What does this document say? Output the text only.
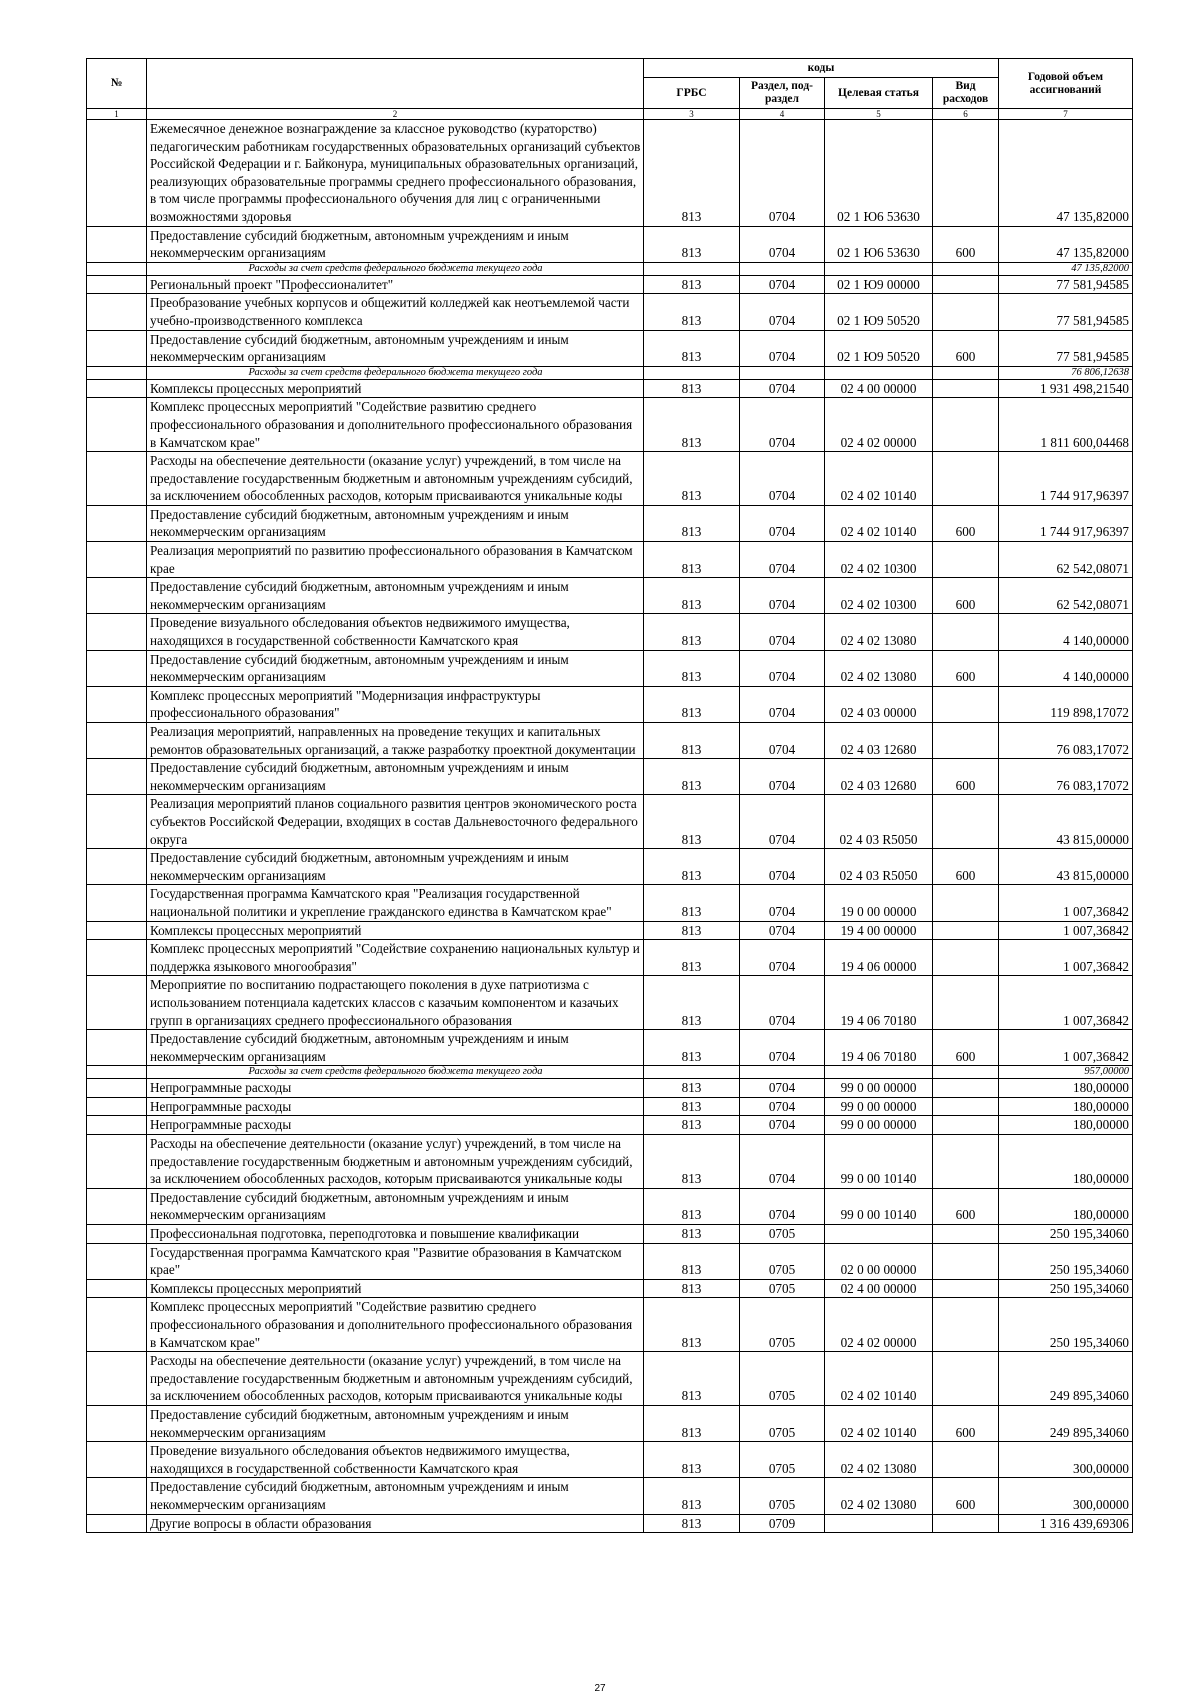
№		коды				Годовой объем ассигнований
		ГРБС	Раздел, под-раздел	Целевая статья	Вид расходов	
1	2	3	4	5	6	7
	Ежемесячное денежное вознаграждение за классное руководство (кураторство) педагогическим работникам государственных образовательных организаций субъектов Российской Федерации и г. Байконура, муниципальных образовательных организаций, реализующих образовательные программы среднего профессионального образования, в том числе программы профессионального обучения для лиц с ограниченными возможностями здоровья	813	0704	02 1 Ю6 53630		47 135,82000
	Предоставление субсидий бюджетным, автономным учреждениям и иным некоммерческим организациям	813	0704	02 1 Ю6 53630	600	47 135,82000
	Расходы за счет средств федерального бюджета текущего года					47 135,82000
	Региональный проект "Профессионалитет"	813	0704	02 1 Ю9 00000		77 581,94585
	Преобразование учебных корпусов и общежитий колледжей как неотъемлемой части учебно-производственного комплекса	813	0704	02 1 Ю9 50520		77 581,94585
	Предоставление субсидий бюджетным, автономным учреждениям и иным некоммерческим организациям	813	0704	02 1 Ю9 50520	600	77 581,94585
	Расходы за счет средств федерального бюджета текущего года					76 806,12638
	Комплексы процессных мероприятий	813	0704	02 4 00 00000		1 931 498,21540
	Комплекс процессных мероприятий "Содействие развитию среднего профессионального образования и дополнительного профессионального образования в Камчатском крае"	813	0704	02 4 02 00000		1 811 600,04468
	Расходы на обеспечение деятельности (оказание услуг) учреждений, в том числе на предоставление государственным бюджетным и автономным учреждениям субсидий, за исключением обособленных расходов, которым присваиваются уникальные коды	813	0704	02 4 02 10140		1 744 917,96397
	Предоставление субсидий бюджетным, автономным учреждениям и иным некоммерческим организациям	813	0704	02 4 02 10140	600	1 744 917,96397
	Реализация мероприятий по развитию профессионального образования в Камчатском крае	813	0704	02 4 02 10300		62 542,08071
	Предоставление субсидий бюджетным, автономным учреждениям и иным некоммерческим организациям	813	0704	02 4 02 10300	600	62 542,08071
	Проведение визуального обследования объектов недвижимого имущества, находящихся в государственной собственности Камчатского края	813	0704	02 4 02 13080		4 140,00000
	Предоставление субсидий бюджетным, автономным учреждениям и иным некоммерческим организациям	813	0704	02 4 02 13080	600	4 140,00000
	Комплекс процессных мероприятий "Модернизация инфраструктуры профессионального образования"	813	0704	02 4 03 00000		119 898,17072
	Реализация мероприятий, направленных на проведение текущих и капитальных ремонтов образовательных организаций, а также разработку проектной документации	813	0704	02 4 03 12680		76 083,17072
	Предоставление субсидий бюджетным, автономным учреждениям и иным некоммерческим организациям	813	0704	02 4 03 12680	600	76 083,17072
	Реализация мероприятий планов социального развития центров экономического роста субъектов Российской Федерации, входящих в состав Дальневосточного федерального округа	813	0704	02 4 03 R5050		43 815,00000
	Предоставление субсидий бюджетным, автономным учреждениям и иным некоммерческим организациям	813	0704	02 4 03 R5050	600	43 815,00000
	Государственная программа Камчатского края "Реализация государственной национальной политики и укрепление гражданского единства в Камчатском крае"	813	0704	19 0 00 00000		1 007,36842
	Комплексы процессных мероприятий	813	0704	19 4 00 00000		1 007,36842
	Комплекс процессных мероприятий "Содействие сохранению национальных культур и поддержка языкового многообразия"	813	0704	19 4 06 00000		1 007,36842
	Мероприятие по воспитанию подрастающего поколения в духе патриотизма с использованием потенциала кадетских классов с казачьим компонентом и казачьих групп в организациях среднего профессионального образования	813	0704	19 4 06 70180		1 007,36842
	Предоставление субсидий бюджетным, автономным учреждениям и иным некоммерческим организациям	813	0704	19 4 06 70180	600	1 007,36842
	Расходы за счет средств федерального бюджета текущего года					957,00000
	Непрограммные расходы	813	0704	99 0 00 00000		180,00000
	Непрограммные расходы	813	0704	99 0 00 00000		180,00000
	Непрограммные расходы	813	0704	99 0 00 00000		180,00000
	Расходы на обеспечение деятельности (оказание услуг) учреждений, в том числе на предоставление государственным бюджетным и автономным учреждениям субсидий, за исключением обособленных расходов, которым присваиваются уникальные коды	813	0704	99 0 00 10140		180,00000
	Предоставление субсидий бюджетным, автономным учреждениям и иным некоммерческим организациям	813	0704	99 0 00 10140	600	180,00000
	Профессиональная подготовка, переподготовка и повышение квалификации	813	0705			250 195,34060
	Государственная программа Камчатского края "Развитие образования в Камчатском крае"	813	0705	02 0 00 00000		250 195,34060
	Комплексы процессных мероприятий	813	0705	02 4 00 00000		250 195,34060
	Комплекс процессных мероприятий "Содействие развитию среднего профессионального образования и дополнительного профессионального образования в Камчатском крае"	813	0705	02 4 02 00000		250 195,34060
	Расходы на обеспечение деятельности (оказание услуг) учреждений, в том числе на предоставление государственным бюджетным и автономным учреждениям субсидий, за исключением обособленных расходов, которым присваиваются уникальные коды	813	0705	02 4 02 10140		249 895,34060
	Предоставление субсидий бюджетным, автономным учреждениям и иным некоммерческим организациям	813	0705	02 4 02 10140	600	249 895,34060
	Проведение визуального обследования объектов недвижимого имущества, находящихся в государственной собственности Камчатского края	813	0705	02 4 02 13080		300,00000
	Предоставление субсидий бюджетным, автономным учреждениям и иным некоммерческим организациям	813	0705	02 4 02 13080	600	300,00000
	Другие вопросы в области образования	813	0709			1 316 439,69306
27
